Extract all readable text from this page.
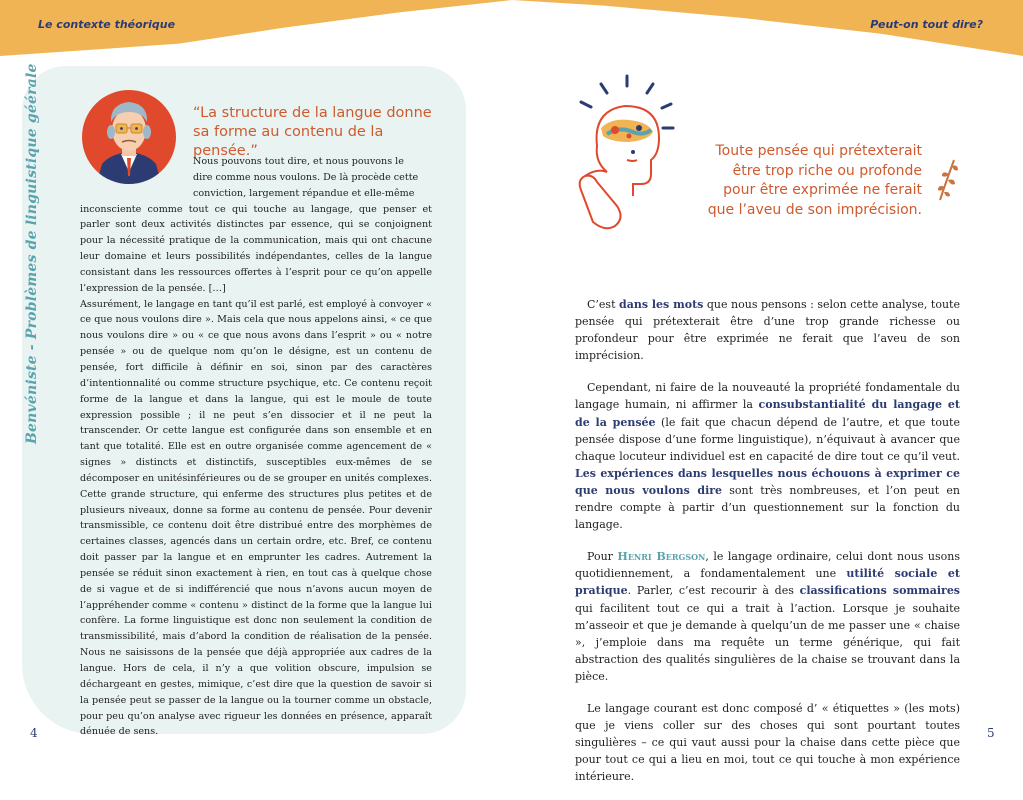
Le contexte théorique	Peut-on tout dire?
Benvéniste - Problèmes de linguistique géérale	“La structure de la langue donne sa forme au contenu de la pensée.”
Nous pouvons tout dire, et nous pouvons le
dire comme nous voulons. De là procède cette
conviction, largement répandue et elle-même

inconsciente comme tout ce qui touche au langage, que penser et parler sont deux activités distinctes par essence, qui se conjoignent pour la nécessité pratique de la communication, mais qui ont chacune leur domaine et leurs possibilités indépendantes, celles de la langue consistant dans les ressources offertes à l’esprit pour ce qu’on appelle l’expression de la pensée. […]

Assurément, le langage en tant qu’il est parlé, est employé à convoyer « ce que nous voulons dire ». Mais cela que nous appelons ainsi, « ce que nous voulons dire » ou « ce que nous avons dans l’esprit » ou « notre pensée » ou de quelque nom qu’on le désigne, est un contenu de pensée, fort difficile à définir en soi, sinon par des caractères d’intentionnalité ou comme structure psychique, etc. Ce contenu reçoit forme de la langue et dans la langue, qui est le moule de toute expression possible ; il ne peut s’en dissocier et il ne peut la transcender. Or cette langue est configurée dans son ensemble et en tant que totalité. Elle est en outre organisée comme agencement de « signes » distincts et distinctifs, susceptibles eux-mêmes de se décomposer en unitésinférieures ou de se grouper en unités complexes. Cette grande structure, qui enferme des structures plus petites et de plusieurs niveaux, donne sa forme au contenu de pensée. Pour devenir transmissible, ce contenu doit être distribué entre des morphèmes de certaines classes, agencés dans un certain ordre, etc. Bref, ce contenu doit passer par la langue et en emprunter les cadres. Autrement la pensée se réduit sinon exactement à rien, en tout cas à quelque chose de si vague et de si indifférencié que nous n’avons aucun moyen de l’appréhender comme « contenu » distinct de la forme que la langue lui confère. La forme linguistique est donc non seulement la condition de transmissibilité, mais d’abord la condition de réalisation de la pensée. Nous ne saisissons de la pensée que déjà appropriée aux cadres de la langue. Hors de cela, il n’y a que volition obscure, impulsion se déchargeant en gestes, mimique, c’est dire que la question de savoir si la pensée peut se passer de la langue ou la tourner comme un obstacle, pour peu qu’on analyse avec rigueur les données en présence, apparaît dénuée de sens.

4
Toute pensée qui prétexterait
être trop riche ou profonde
pour être exprimée ne ferait
que l’aveu de son imprécision.

C’est dans les mots que nous pensons : selon cette analyse, toute pensée qui prétexterait être d’une trop grande richesse ou profondeur pour être exprimée ne ferait que l’aveu de son imprécision.

Cependant, ni faire de la nouveauté la propriété fondamentale du langage humain, ni affirmer la consubstantialité du langage et de la pensée (le fait que chacun dépend de l’autre, et que toute pensée dispose d’une forme linguistique), n’équivaut à avancer que chaque locuteur individuel est en capacité de dire tout ce qu’il veut. Les expériences dans lesquelles nous échouons à exprimer ce que nous voulons dire sont très nombreuses, et l’on peut en rendre compte à partir d’un questionnement sur la fonction du langage.

Pour Henri Bergson, le langage ordinaire, celui dont nous usons quotidiennement, a fondamentalement une utilité sociale et pratique. Parler, c’est recourir à des classifications sommaires qui facilitent tout ce qui a trait à l’action. Lorsque je souhaite m’asseoir et que je demande à quelqu’un de me passer une « chaise », j’emploie dans ma requête un terme générique, qui fait abstraction des qualités singulières de la chaise se trouvant dans la pièce.

Le langage courant est donc composé d’ « étiquettes » (les mots) que je viens coller sur des choses qui sont pourtant toutes singulières – ce qui vaut aussi pour la chaise dans cette pièce que pour tout ce qui a lieu en moi, tout ce qui touche à mon expérience intérieure.

5
